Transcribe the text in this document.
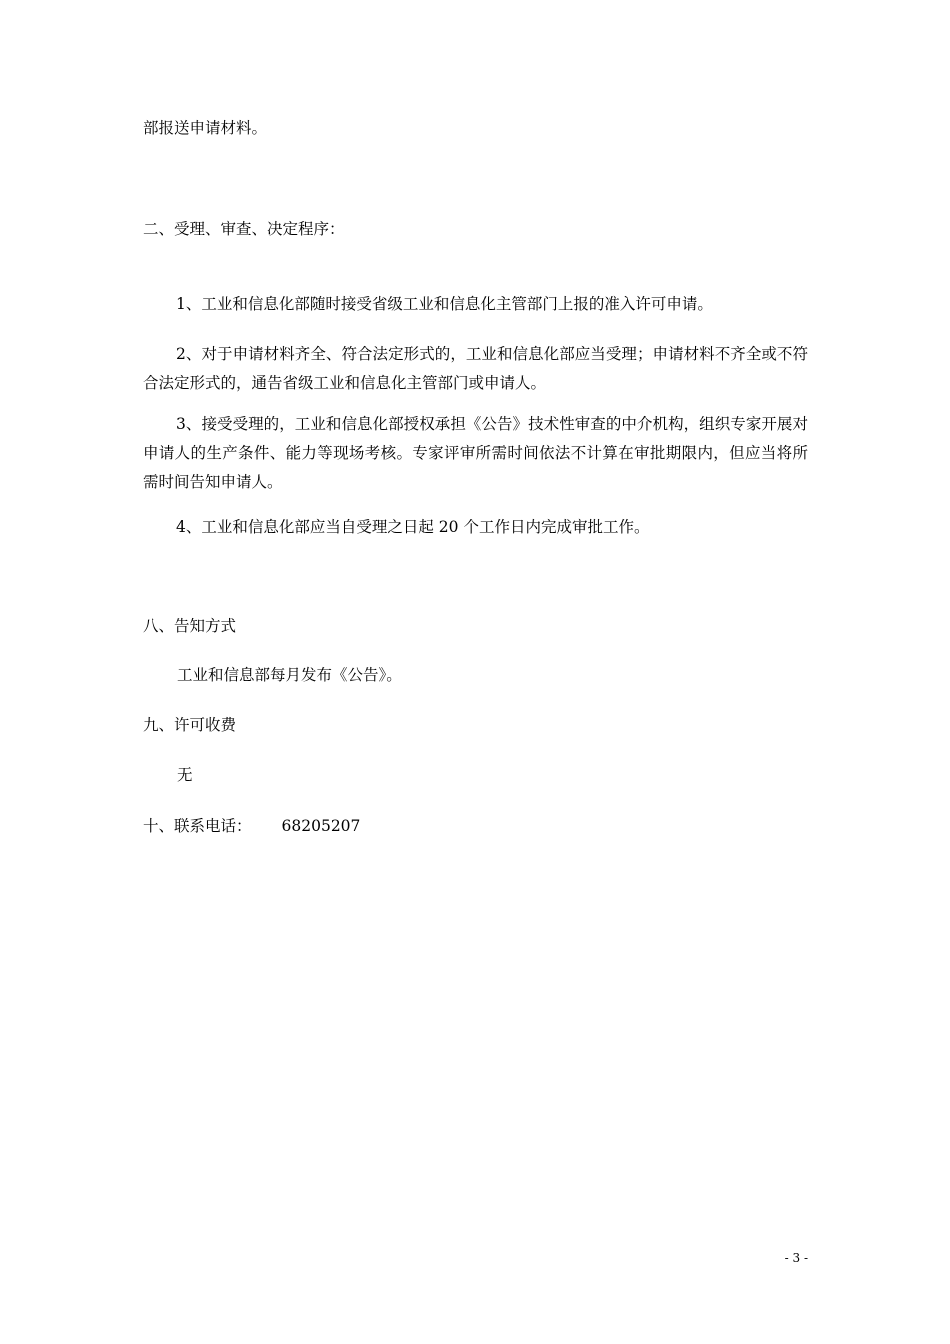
部报送申请材料。
二、受理、审查、决定程序：
1、工业和信息化部随时接受省级工业和信息化主管部门上报的准入许可申请。
2、对于申请材料齐全、符合法定形式的，工业和信息化部应当受理；申请材料不齐全或不符合法定形式的，通告省级工业和信息化主管部门或申请人。
3、接受受理的，工业和信息化部授权承担《公告》技术性审查的中介机构，组织专家开展对申请人的生产条件、能力等现场考核。专家评审所需时间依法不计算在审批期限内，但应当将所需时间告知申请人。
4、工业和信息化部应当自受理之日起 20 个工作日内完成审批工作。
八、告知方式
工业和信息部每月发布《公告》。
九、许可收费
无
十、联系电话： 68205207
- 3 -
